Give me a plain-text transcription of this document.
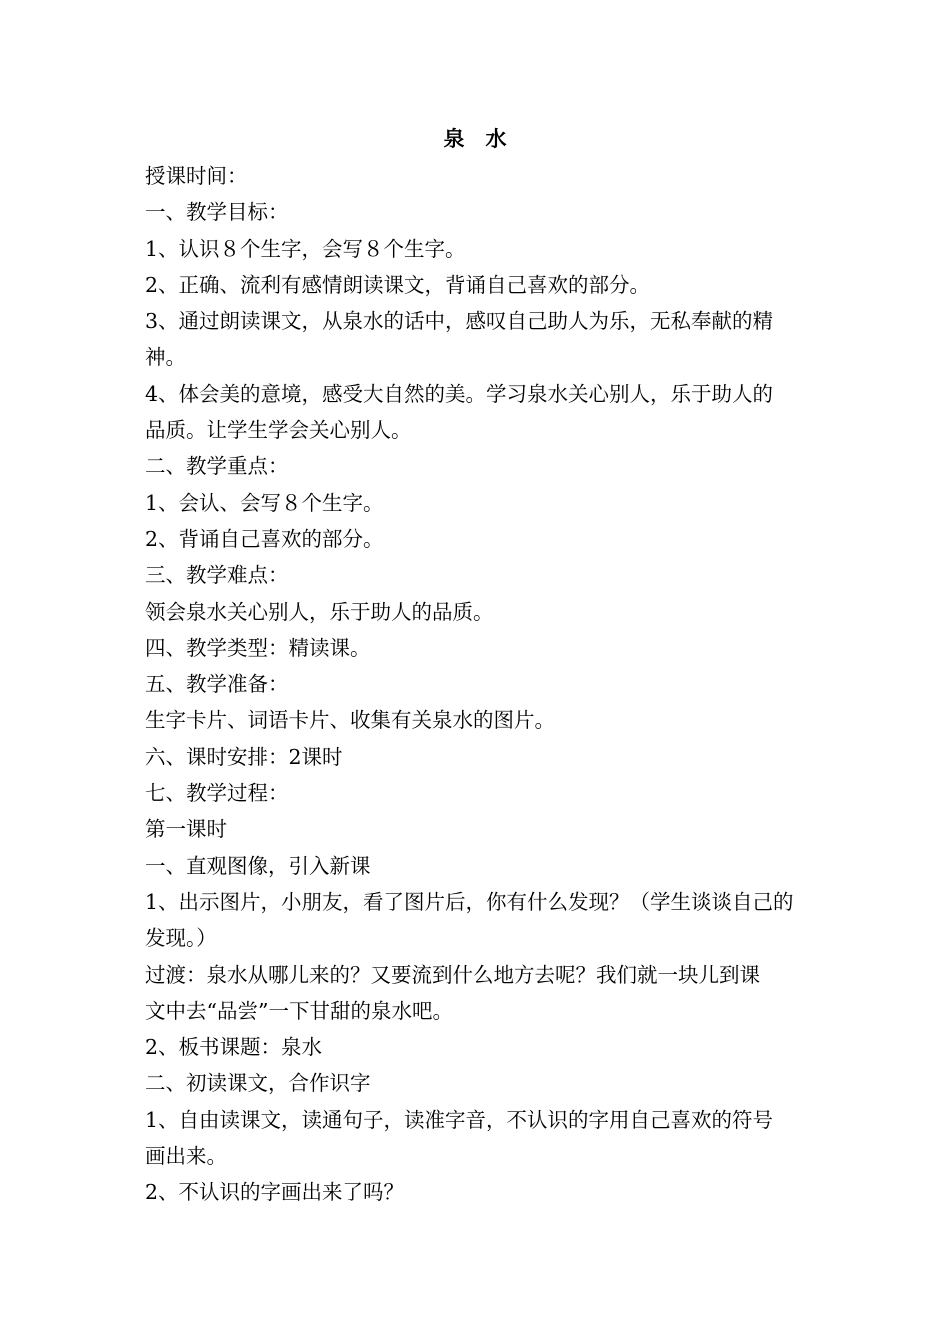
泉　水

授课时间：

一、教学目标：

1、认识８个生字，会写８个生字。

2、正确、流利有感情朗读课文，背诵自己喜欢的部分。

3、通过朗读课文，从泉水的话中，感叹自己助人为乐，无私奉献的精

神。

4、体会美的意境，感受大自然的美。学习泉水关心别人，乐于助人的

品质。让学生学会关心别人。

二、教学重点：

1、会认、会写８个生字。

2、背诵自己喜欢的部分。

三、教学难点：

领会泉水关心别人，乐于助人的品质。

四、教学类型：精读课。

五、教学准备：

生字卡片、词语卡片、收集有关泉水的图片。

六、课时安排：2课时

七、教学过程：

第一课时

一、直观图像，引入新课

1、出示图片，小朋友，看了图片后，你有什么发现？（学生谈谈自己的

发现。）

过渡：泉水从哪儿来的？又要流到什么地方去呢？我们就一块儿到课

文中去“品尝”一下甘甜的泉水吧。

2、板书课题：泉水

二、初读课文，合作识字

1、自由读课文，读通句子，读准字音，不认识的字用自己喜欢的符号

画出来。

2、不认识的字画出来了吗？
